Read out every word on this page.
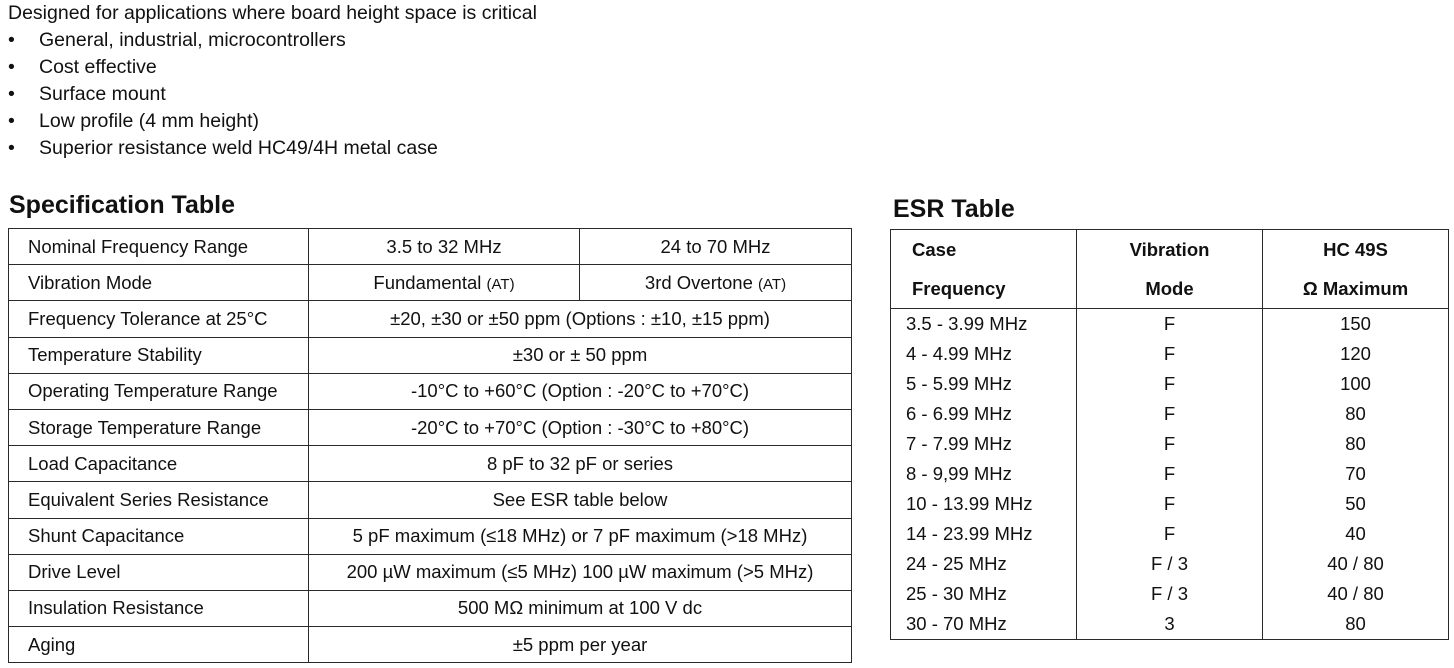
Designed for applications where board height space is critical
• General, industrial, microcontrollers
• Cost effective
• Surface mount
• Low profile (4 mm height)
• Superior resistance weld HC49/4H metal case
Specification Table
Nominal Frequency Range	3.5 to 32 MHz	24 to 70 MHz
Vibration Mode	Fundamental (AT)	3rd Overtone (AT)
Frequency Tolerance at 25°C	±20, ±30 or ±50 ppm (Options : ±10, ±15 ppm)	
Temperature Stability	±30 or ± 50 ppm	
Operating Temperature Range	-10°C to +60°C (Option : -20°C to +70°C)	
Storage Temperature Range	-20°C to +70°C (Option : -30°C to +80°C)	
Load Capacitance	8 pF to 32 pF or series	
Equivalent Series Resistance	See ESR table below	
Shunt Capacitance	5 pF maximum (≤18 MHz) or 7 pF maximum (>18 MHz)	
Drive Level	200 µW maximum (≤5 MHz) 100 µW maximum (>5 MHz)	
Insulation Resistance	500 MΩ minimum at 100 V dc	
Aging	±5 ppm per year	
ESR Table
Case	Vibration	HC 49S
Frequency	Mode	Ω Maximum
3.5 - 3.99 MHz	F	150
4 - 4.99 MHz	F	120
5 - 5.99 MHz	F	100
6 - 6.99 MHz	F	80
7 - 7.99 MHz	F	80
8 - 9,99 MHz	F	70
10 - 13.99 MHz	F	50
14 - 23.99 MHz	F	40
24 - 25 MHz	F / 3	40 / 80
25 - 30 MHz	F / 3	40 / 80
30 - 70 MHz	3	80
